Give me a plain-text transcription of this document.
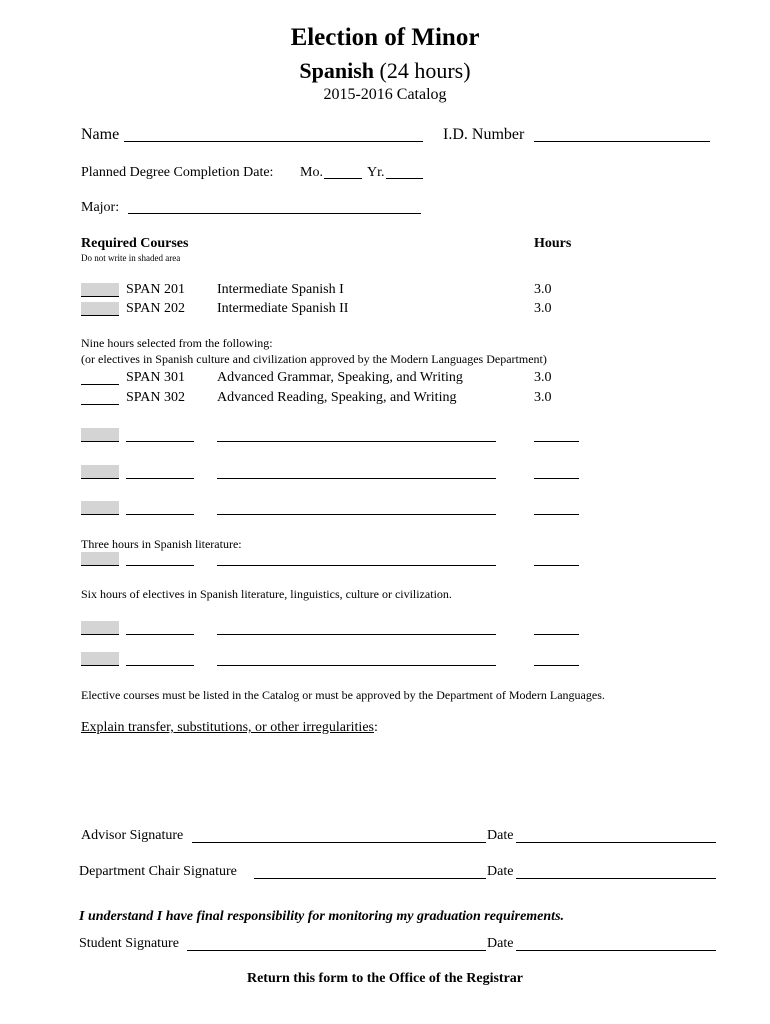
Election of Minor
Spanish (24 hours)
2015-2016 Catalog
Name	I.D. Number
Planned Degree Completion Date: Mo.	Yr.
Major:
Required Courses	Hours
Do not write in shaded area
SPAN 201 Intermediate Spanish I	3.0
SPAN 202 Intermediate Spanish II	3.0
Nine hours selected from the following:
(or electives in Spanish culture and civilization approved by the Modern Languages Department)
SPAN 301 Advanced Grammar, Speaking, and Writing	3.0
SPAN 302 Advanced Reading, Speaking, and Writing	3.0
Three hours in Spanish literature:
Six hours of electives in Spanish literature, linguistics, culture or civilization.
Elective courses must be listed in the Catalog or must be approved by the Department of Modern Languages.
Explain transfer, substitutions, or other irregularities:
Advisor Signature	Date
Department Chair Signature	Date
I understand I have final responsibility for monitoring my graduation requirements.
Student Signature	Date
Return this form to the Office of the Registrar
